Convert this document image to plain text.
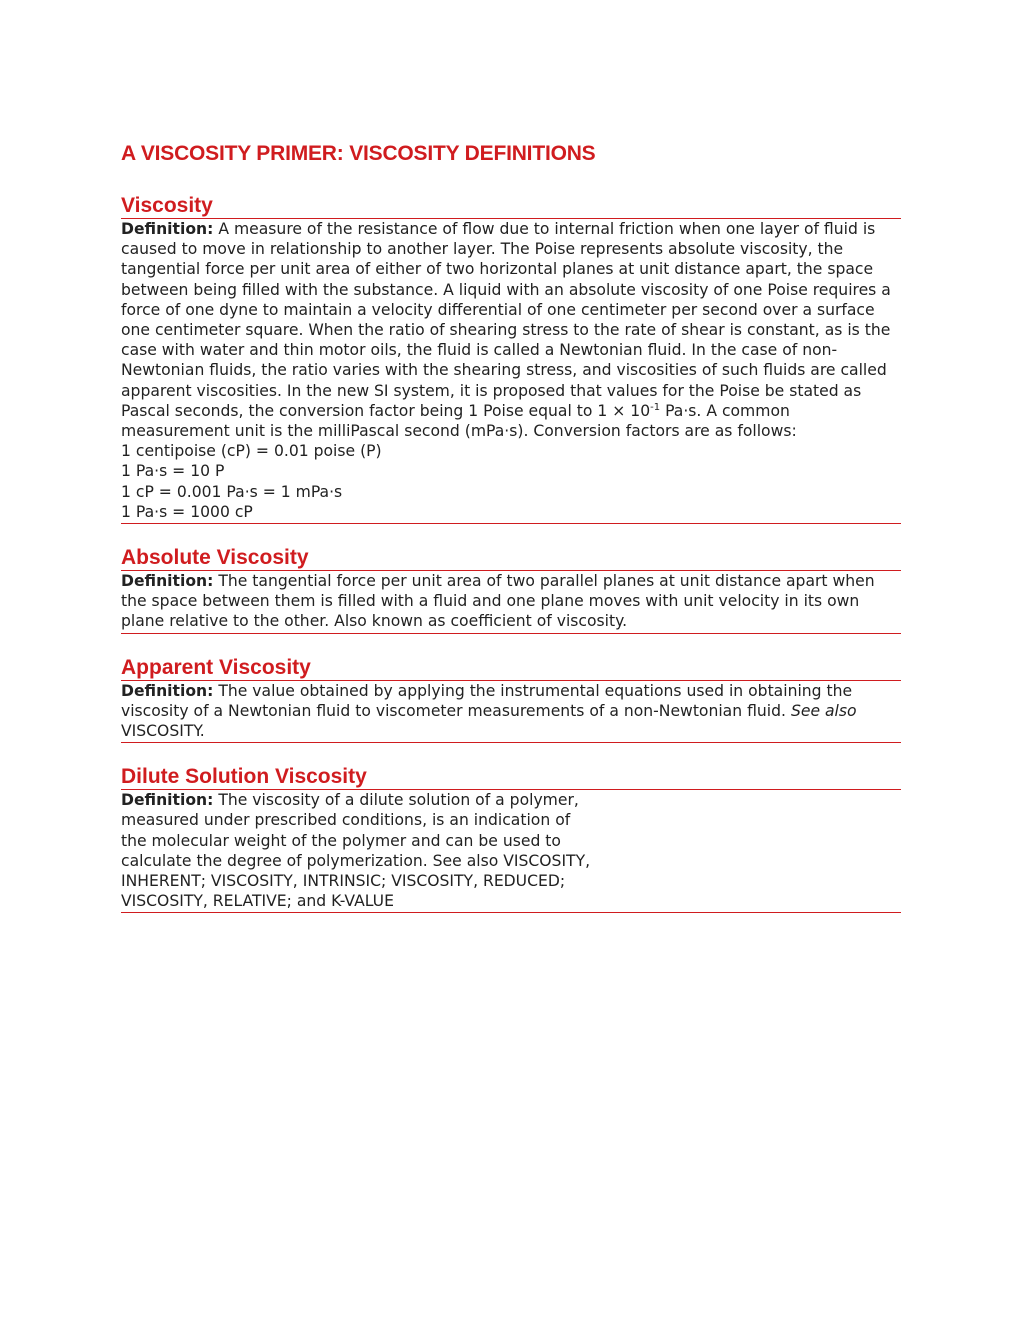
A VISCOSITY PRIMER: VISCOSITY DEFINITIONS
Viscosity
Definition: A measure of the resistance of flow due to internal friction when one layer of fluid is caused to move in relationship to another layer. The Poise represents absolute viscosity, the tangential force per unit area of either of two horizontal planes at unit distance apart, the space between being filled with the substance. A liquid with an absolute viscosity of one Poise requires a force of one dyne to maintain a velocity differential of one centimeter per second over a surface one centimeter square. When the ratio of shearing stress to the rate of shear is constant, as is the case with water and thin motor oils, the fluid is called a Newtonian fluid. In the case of non-Newtonian fluids, the ratio varies with the shearing stress, and viscosities of such fluids are called apparent viscosities. In the new SI system, it is proposed that values for the Poise be stated as Pascal seconds, the conversion factor being 1 Poise equal to $1 \times 10^{-1}$ Pa·s. A common measurement unit is the milliPascal second (mPa·s). Conversion factors are as follows:
1 centipoise (cP) = 0.01 poise (P)
1 Pa·s = 10 P
1 cP = 0.001 Pa·s = 1 mPa·s
1 Pa·s = 1000 cP
Absolute Viscosity
Definition: The tangential force per unit area of two parallel planes at unit distance apart when the space between them is filled with a fluid and one plane moves with unit velocity in its own plane relative to the other. Also known as coefficient of viscosity.
Apparent Viscosity
Definition: The value obtained by applying the instrumental equations used in obtaining the viscosity of a Newtonian fluid to viscometer measurements of a non-Newtonian fluid. See also VISCOSITY.
Dilute Solution Viscosity
Definition: The viscosity of a dilute solution of a polymer,
measured under prescribed conditions, is an indication of
the molecular weight of the polymer and can be used to
calculate the degree of polymerization. See also VISCOSITY,
INHERENT; VISCOSITY, INTRINSIC; VISCOSITY, REDUCED;
VISCOSITY, RELATIVE; and K-VALUE
